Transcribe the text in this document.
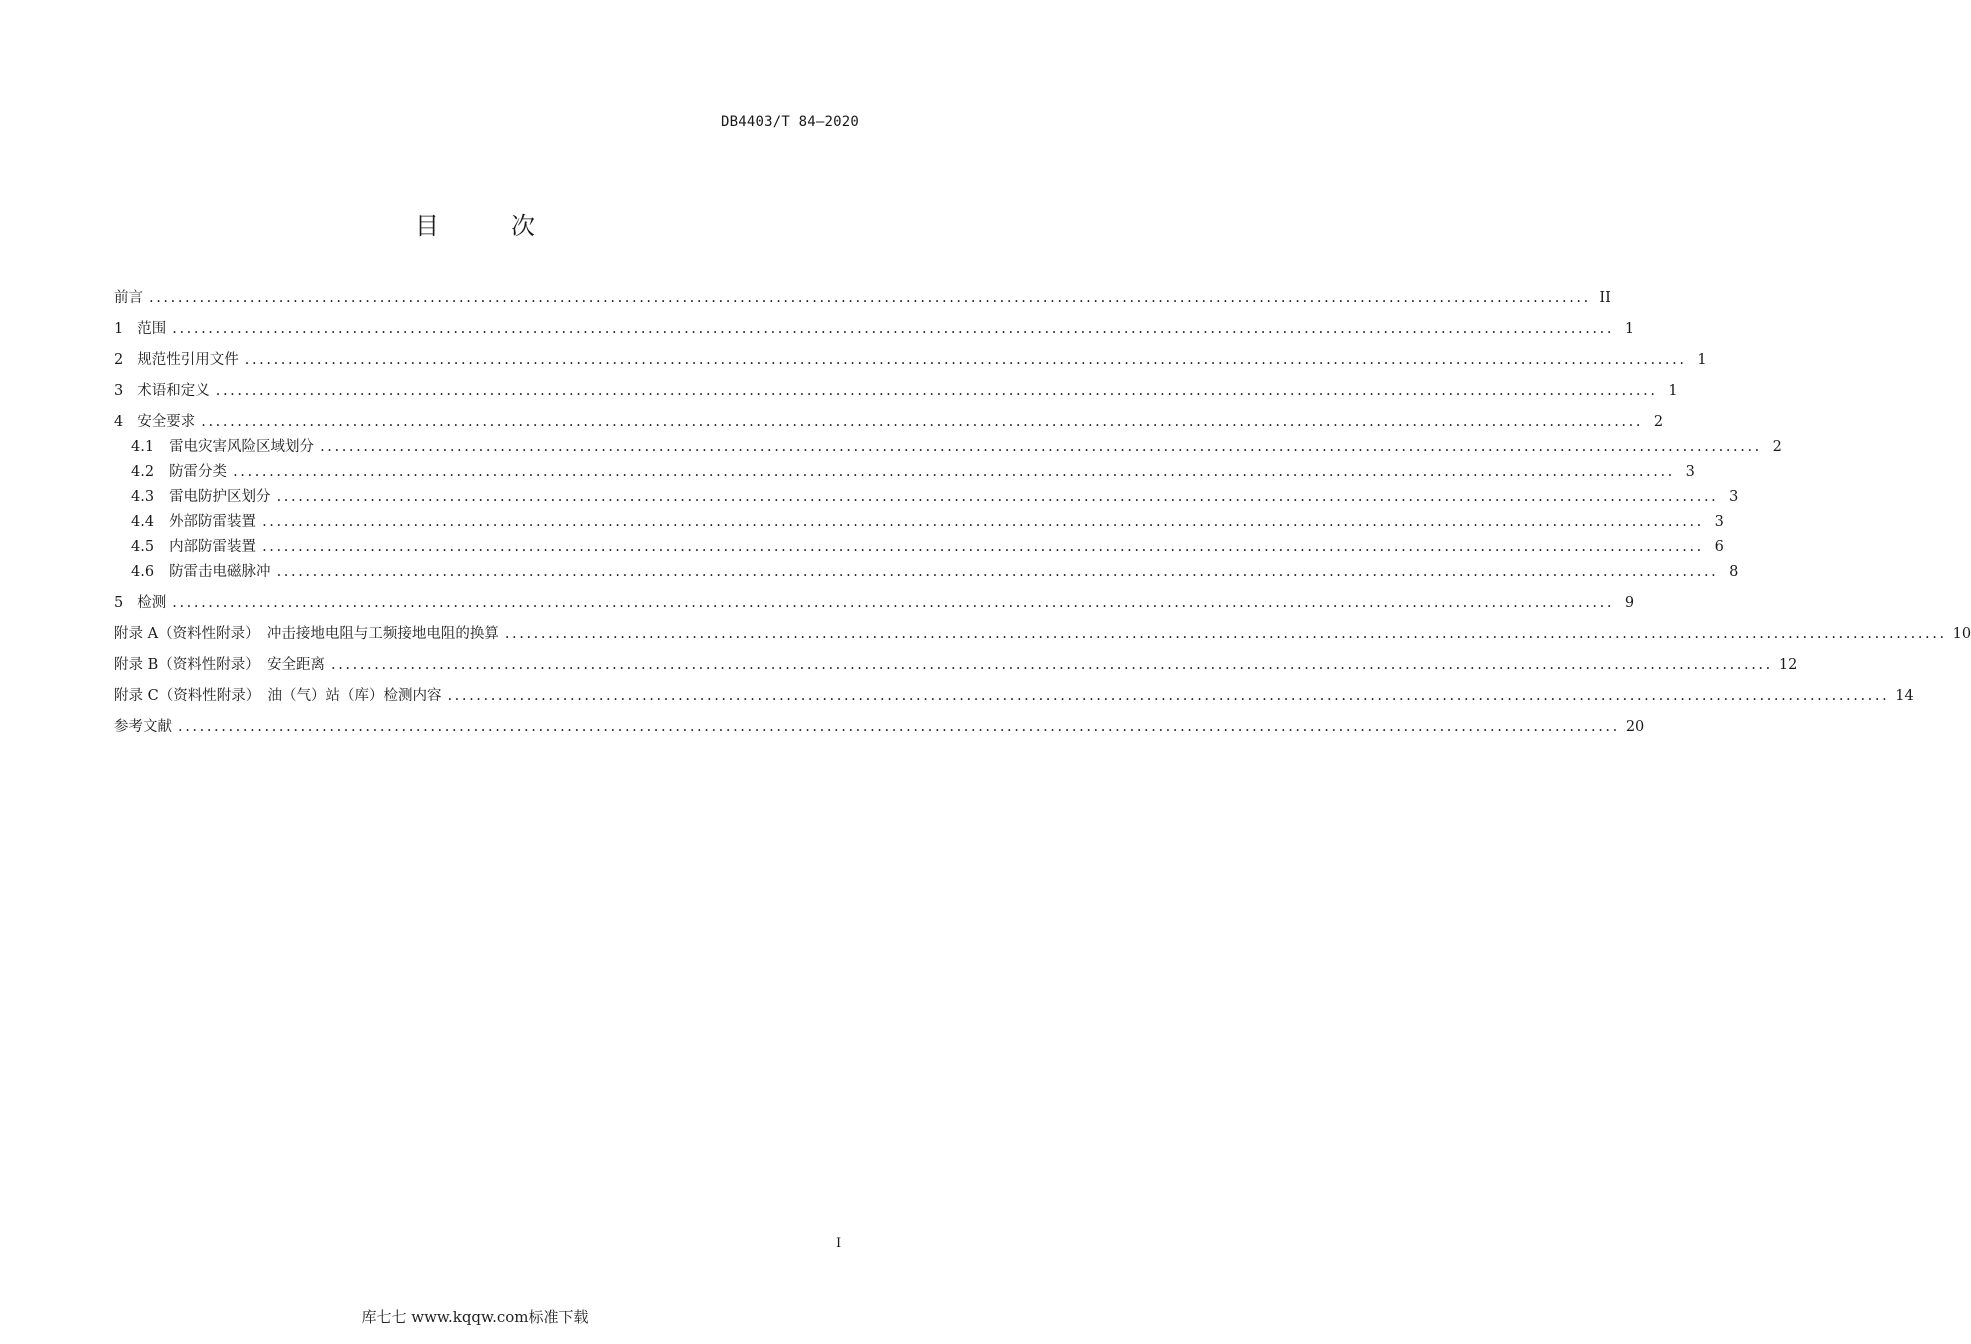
DB4403/T 84—2020
目　次
前言 ........................................................................................................................................................................................................ II
1 范围 ........................................................................................................................................................................................................ 1
2 规范性引用文件 ........................................................................................................................................................................................................ 1
3 术语和定义 ........................................................................................................................................................................................................ 1
4 安全要求 ........................................................................................................................................................................................................ 2
4.1 雷电灾害风险区域划分 ........................................................................................................................................................................................................ 2
4.2 防雷分类 ........................................................................................................................................................................................................ 3
4.3 雷电防护区划分 ........................................................................................................................................................................................................ 3
4.4 外部防雷装置 ........................................................................................................................................................................................................ 3
4.5 内部防雷装置 ........................................................................................................................................................................................................ 6
4.6 防雷击电磁脉冲 ........................................................................................................................................................................................................ 8
5 检测 ........................................................................................................................................................................................................ 9
附录 A（资料性附录）　冲击接地电阻与工频接地电阻的换算 ........................................................................................................................................................................................................ 10
附录 B（资料性附录）　安全距离 ........................................................................................................................................................................................................ 12
附录 C（资料性附录）　油（气）站（库）检测内容 ........................................................................................................................................................................................................ 14
参考文献 ........................................................................................................................................................................................................ 20
I
库七七 www.kqqw.com标准下载
